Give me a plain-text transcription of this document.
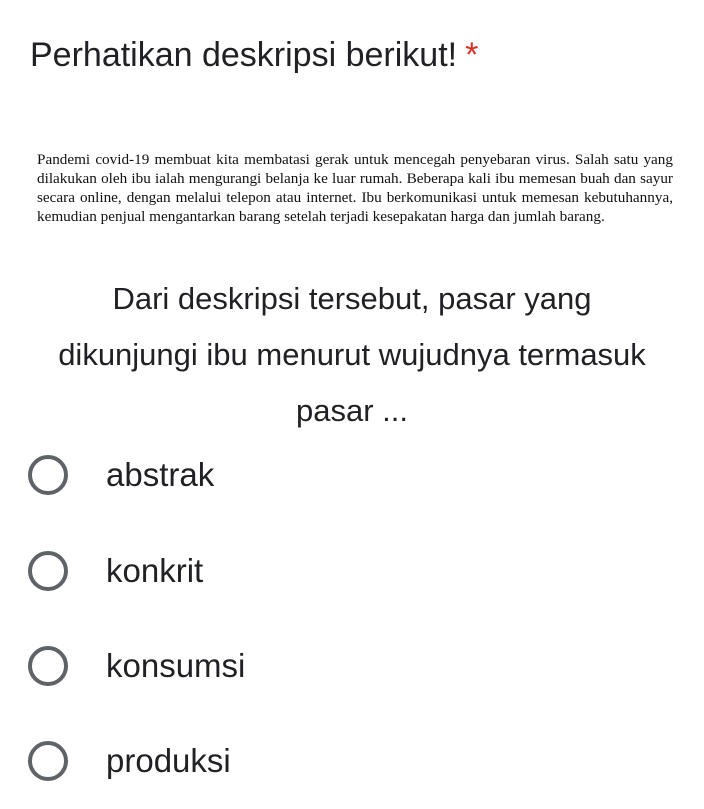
Perhatikan deskripsi berikut! *
Pandemi covid-19 membuat kita membatasi gerak untuk mencegah penyebaran virus. Salah satu yang dilakukan oleh ibu ialah mengurangi belanja ke luar rumah. Beberapa kali ibu memesan buah dan sayur secara online, dengan melalui telepon atau internet. Ibu berkomunikasi untuk memesan kebutuhannya, kemudian penjual mengantarkan barang setelah terjadi kesepakatan harga dan jumlah barang.
Dari deskripsi tersebut, pasar yang dikunjungi ibu menurut wujudnya termasuk pasar ...
abstrak
konkrit
konsumsi
produksi
